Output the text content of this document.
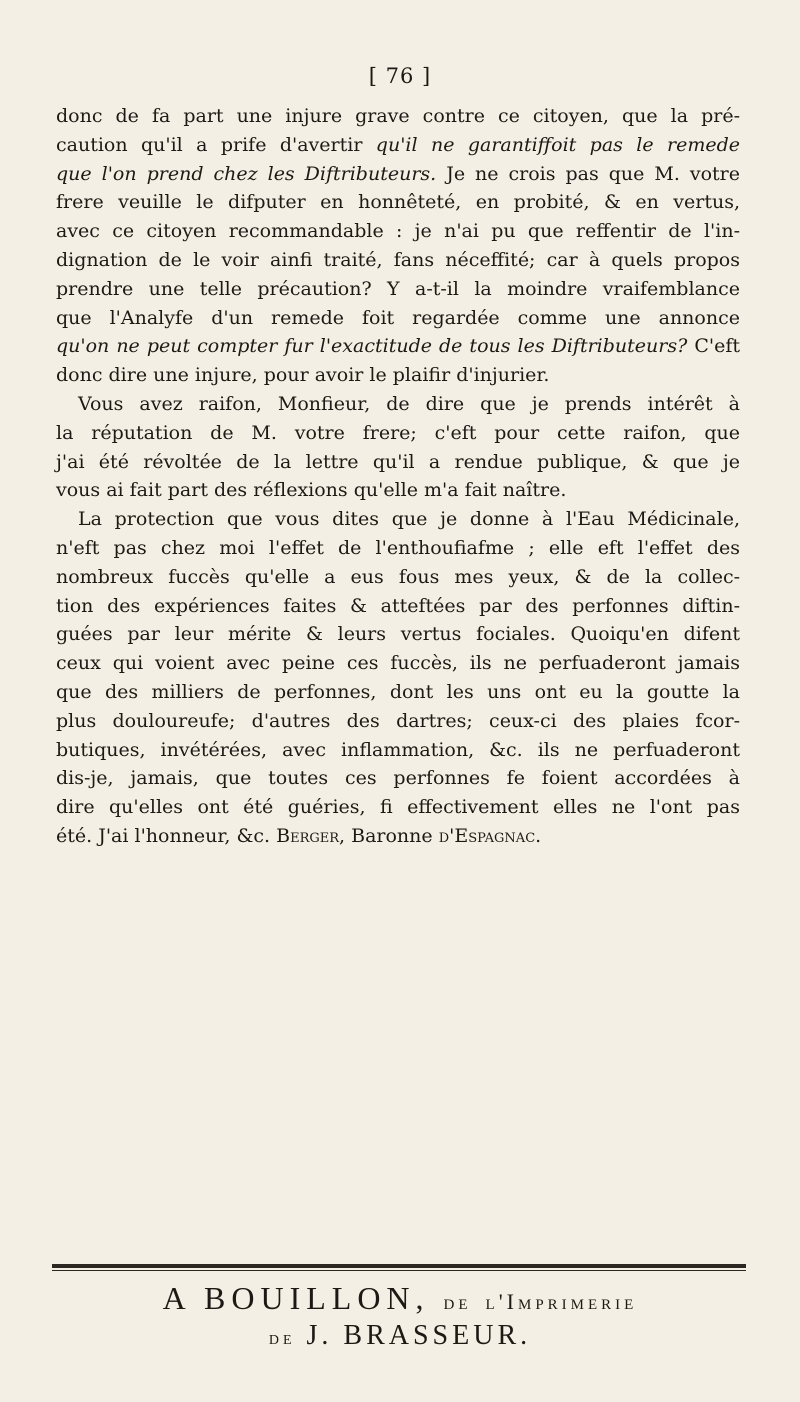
[ 76 ]
donc de fa part une injure grave contre ce citoyen, que la pré-
caution qu'il a prife d'avertir qu'il ne garantiffoit pas le remede
que l'on prend chez les Diftributeurs. Je ne crois pas que M. votre
frere veuille le difputer en honnêteté, en probité, & en vertus,
avec ce citoyen recommandable : je n'ai pu que reffentir de l'in-
dignation de le voir ainfi traité, fans néceffité; car à quels propos
prendre une telle précaution? Y a-t-il la moindre vraifemblance
que l'Analyfe d'un remede foit regardée comme une annonce
qu'on ne peut compter fur l'exactitude de tous les Diftributeurs? C'eft
donc dire une injure, pour avoir le plaifir d'injurier.
Vous avez raifon, Monfieur, de dire que je prends intérêt à
la réputation de M. votre frere; c'eft pour cette raifon, que
j'ai été révoltée de la lettre qu'il a rendue publique, & que je
vous ai fait part des réflexions qu'elle m'a fait naître.
La protection que vous dites que je donne à l'Eau Médicinale,
n'eft pas chez moi l'effet de l'enthoufiafme ; elle eft l'effet des
nombreux fuccès qu'elle a eus fous mes yeux, & de la collec-
tion des expériences faites & atteftées par des perfonnes diftin-
guées par leur mérite & leurs vertus fociales. Quoiqu'en difent
ceux qui voient avec peine ces fuccès, ils ne perfuaderont jamais
que des milliers de perfonnes, dont les uns ont eu la goutte la
plus douloureufe; d'autres des dartres; ceux-ci des plaies fcor-
butiques, invétérées, avec inflammation, &c. ils ne perfuaderont
dis-je, jamais, que toutes ces perfonnes fe foient accordées à
dire qu'elles ont été guéries, fi effectivement elles ne l'ont pas
été. J'ai l'honneur, &c. Berger, Baronne d'Espagnac.
A BOUILLON, de l'Imprimerie
de J. BRASSEUR.
